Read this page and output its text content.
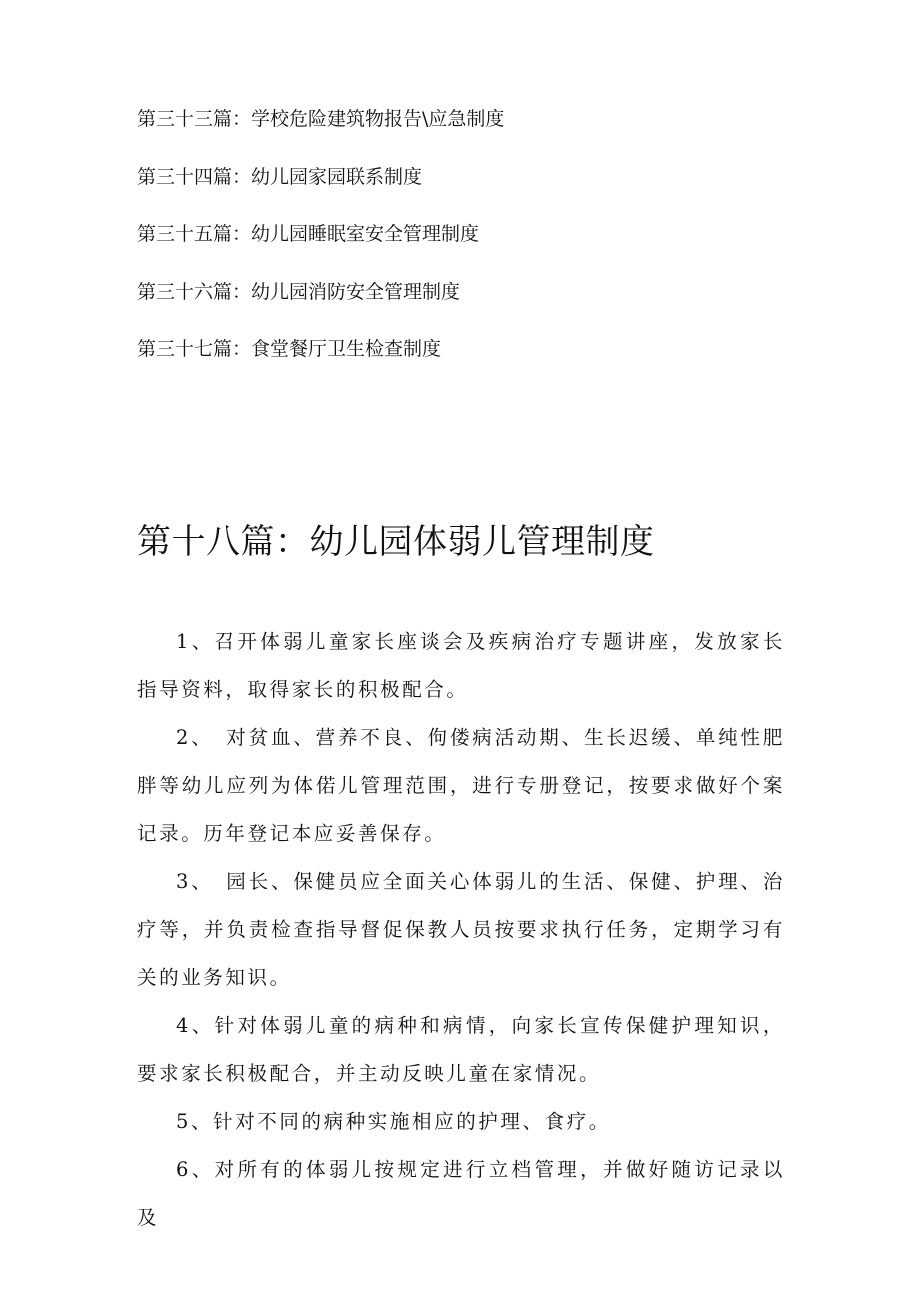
第三十三篇：学校危险建筑物报告\应急制度
第三十四篇：幼儿园家园联系制度
第三十五篇：幼儿园睡眠室安全管理制度
第三十六篇：幼儿园消防安全管理制度
第三十七篇：食堂餐厅卫生检查制度
第十八篇：幼儿园体弱儿管理制度

1、召开体弱儿童家长座谈会及疾病治疗专题讲座，发放家长指导资料，取得家长的积极配合。

2、　对贫血、营养不良、佝偻病活动期、生长迟缓、单纯性肥胖等幼儿应列为体偌儿管理范围，进行专册登记，按要求做好个案记录。历年登记本应妥善保存。

3、　园长、保健员应全面关心体弱儿的生活、保健、护理、治疗等，并负责检查指导督促保教人员按要求执行任务，定期学习有关的业务知识。

4、针对体弱儿童的病种和病情，向家长宣传保健护理知识，要求家长积极配合，并主动反映儿童在家情况。

5、针对不同的病种实施相应的护理、食疗。

6、对所有的体弱儿按规定进行立档管理，并做好随访记录以及
